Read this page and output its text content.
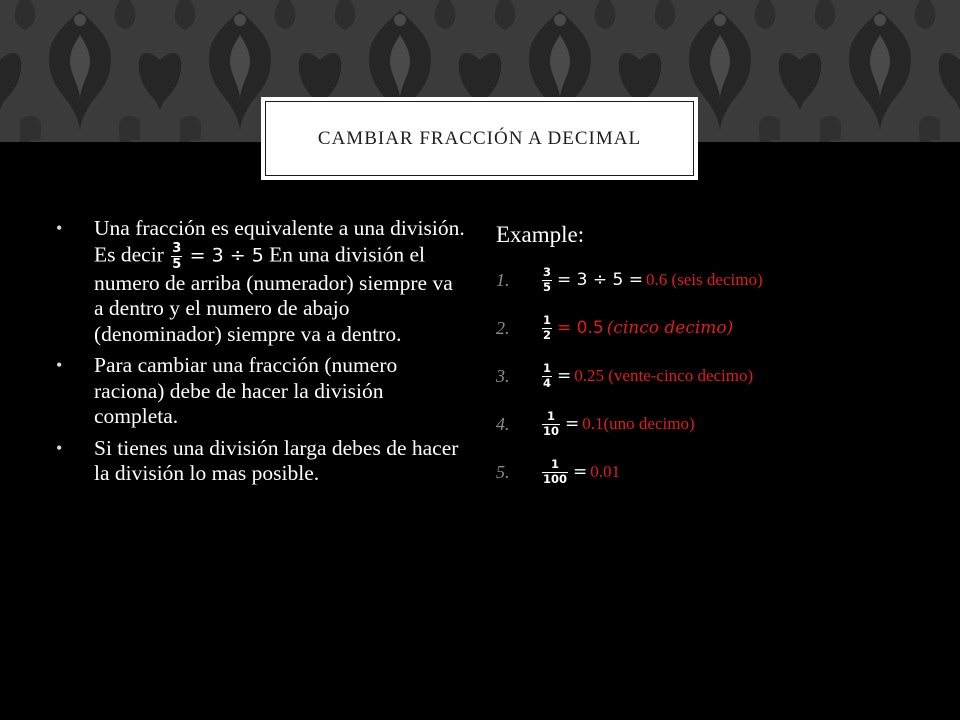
CAMBIAR FRACCIÓN A DECIMAL
• Una fracción es equivalente a una división. Es decir $\frac{3}{5} = 3 \div 5$ En una división el numero de arriba (numerador) siempre va a dentro y el numero de abajo (denominador) siempre va a dentro.
• Para cambiar una fracción (numero raciona) debe de hacer la división completa.
• Si tienes una división larga debes de hacer la división lo mas posible.
Example:
1.	$\frac{3}{5} = 3 \div 5 = 0.6$ (seis decimo)
2.	$\frac{1}{2} = 0.5$ (cinco decimo)
3.	$\frac{1}{4} = 0.25$ (vente-cinco decimo)
4.	$\frac{1}{10} = 0.1(uno$ decimo)
5.	$\frac{1}{100} = 0.01$
